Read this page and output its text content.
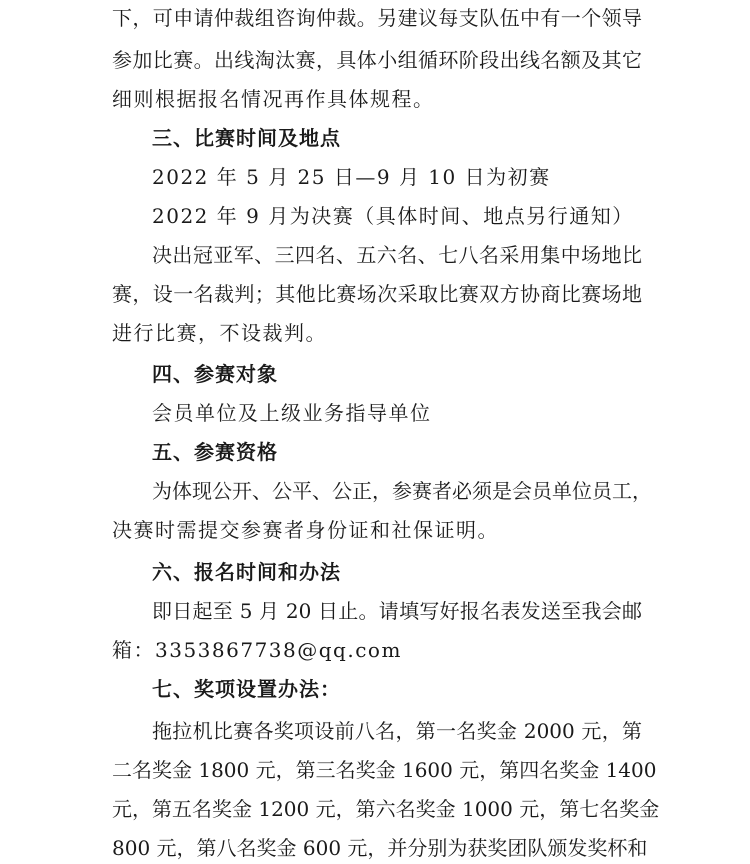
下，可申请仲裁组咨询仲裁。另建议每支队伍中有一个领导
参加比赛。出线淘汰赛，具体小组循环阶段出线名额及其它
细则根据报名情况再作具体规程。
三、比赛时间及地点
2022 年 5 月 25 日—9 月 10 日为初赛
2022 年 9 月为决赛（具体时间、地点另行通知）
决出冠亚军、三四名、五六名、七八名采用集中场地比
赛，设一名裁判；其他比赛场次采取比赛双方协商比赛场地
进行比赛，不设裁判。
四、参赛对象
会员单位及上级业务指导单位
五、参赛资格
为体现公开、公平、公正，参赛者必须是会员单位员工，
决赛时需提交参赛者身份证和社保证明。
六、报名时间和办法
即日起至 5 月 20 日止。请填写好报名表发送至我会邮
箱：3353867738@qq.com
七、奖项设置办法：
拖拉机比赛各奖项设前八名，第一名奖金 2000 元，第
二名奖金 1800 元，第三名奖金 1600 元，第四名奖金 1400
元，第五名奖金 1200 元，第六名奖金 1000 元，第七名奖金
800 元，第八名奖金 600 元，并分别为获奖团队颁发奖杯和
